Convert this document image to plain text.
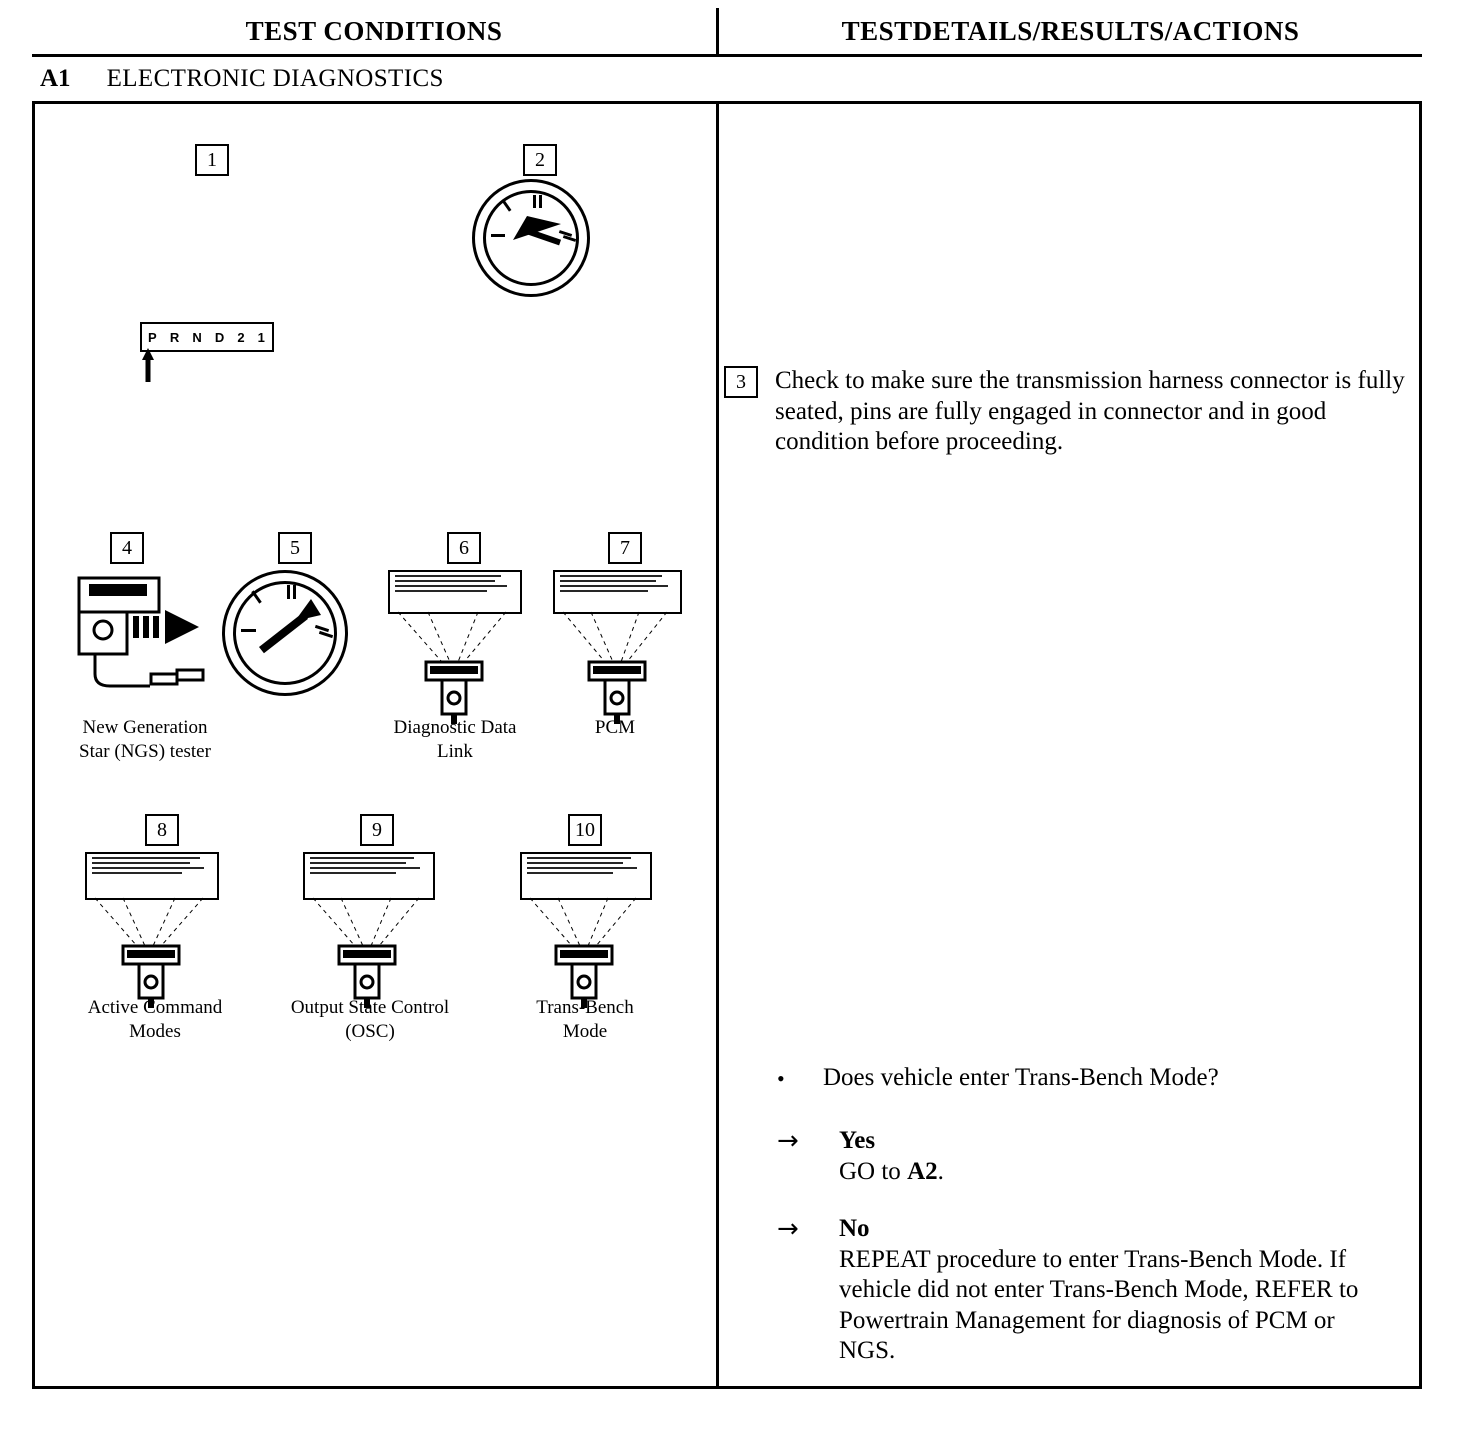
TEST CONDITIONS	TESTDETAILS/RESULTS/ACTIONS
A1 ELECTRONIC DIAGNOSTICS
1
P R N D 2 1
2
4
New Generation
Star (NGS) tester
5	6
Diagnostic Data
Link
7
PCM
8
Active Command
Modes
9
Output State Control
(OSC)
10
Trans-Bench
Mode
3	Check to make sure the transmission harness connector is fully seated, pins are fully engaged in connector and in good condition before proceeding.
• Does vehicle enter Trans-Bench Mode?
→ Yes
GO to A2.
→ No
REPEAT procedure to enter Trans-Bench Mode. If vehicle did not enter Trans-Bench Mode, REFER to Powertrain Management for diagnosis of PCM or NGS.
